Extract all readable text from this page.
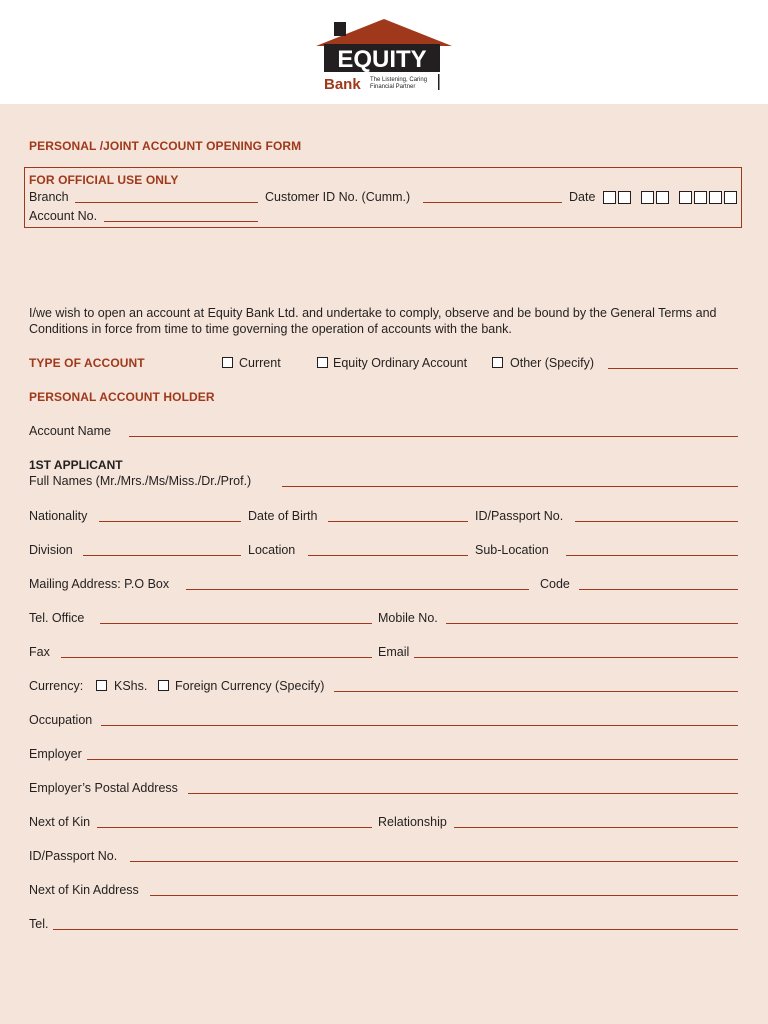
EQUITY
Bank The Listening, Caring
Financial Partner
PERSONAL /JOINT ACCOUNT OPENING FORM
FOR OFFICIAL USE ONLY
Branch	Customer ID No. (Cumm.)	Date
Account No.
I/we wish to open an account at Equity Bank Ltd. and undertake to comply, observe and be bound by the General Terms and Conditions in force from time to time governing the operation of accounts with the bank.
TYPE OF ACCOUNT	Current	Equity Ordinary Account	Other (Specify)
PERSONAL ACCOUNT HOLDER
Account Name
1ST APPLICANT
Full Names (Mr./Mrs./Ms/Miss./Dr./Prof.)
Nationality	Date of Birth	ID/Passport No.
Division	Location	Sub-Location
Mailing Address: P.O Box	Code
Tel. Office	Mobile No.
Fax	Email
Currency: KShs. Foreign Currency (Specify)
Occupation
Employer
Employer’s Postal Address
Next of Kin	Relationship
ID/Passport No.
Next of Kin Address
Tel.
